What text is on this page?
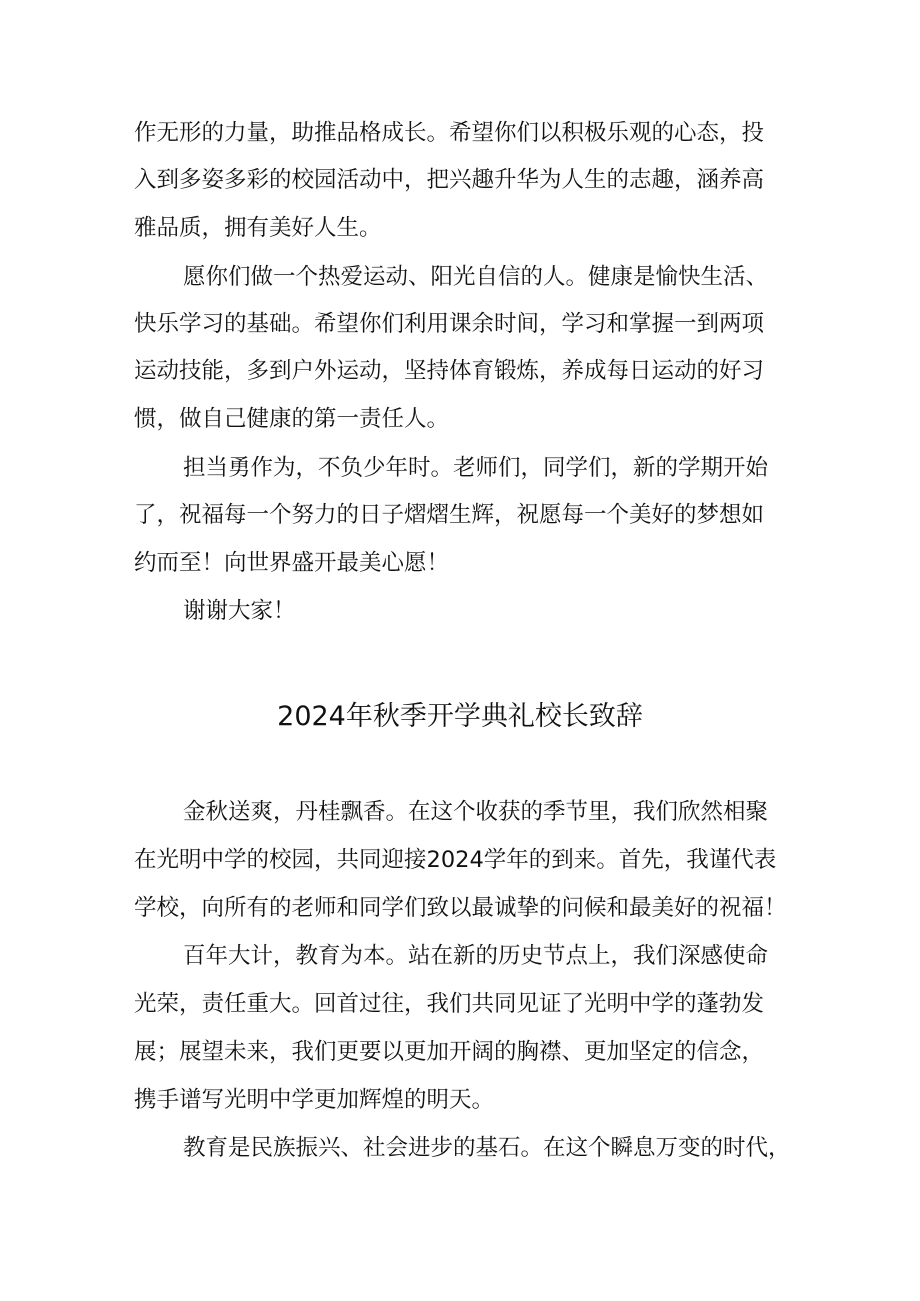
作无形的力量，助推品格成长。希望你们以积极乐观的心态，投
入到多姿多彩的校园活动中，把兴趣升华为人生的志趣，涵养高
雅品质，拥有美好人生。
愿你们做一个热爱运动、阳光自信的人。健康是愉快生活、
快乐学习的基础。希望你们利用课余时间，学习和掌握一到两项
运动技能，多到户外运动，坚持体育锻炼，养成每日运动的好习
惯，做自己健康的第一责任人。
担当勇作为，不负少年时。老师们，同学们，新的学期开始
了，祝福每一个努力的日子熠熠生辉，祝愿每一个美好的梦想如
约而至！向世界盛开最美心愿！
谢谢大家！
2024年秋季开学典礼校长致辞
金秋送爽，丹桂飘香。在这个收获的季节里，我们欣然相聚
在光明中学的校园，共同迎接2024学年的到来。首先，我谨代表
学校，向所有的老师和同学们致以最诚挚的问候和最美好的祝福！
百年大计，教育为本。站在新的历史节点上，我们深感使命
光荣，责任重大。回首过往，我们共同见证了光明中学的蓬勃发
展；展望未来，我们更要以更加开阔的胸襟、更加坚定的信念，
携手谱写光明中学更加辉煌的明天。
教育是民族振兴、社会进步的基石。在这个瞬息万变的时代，
